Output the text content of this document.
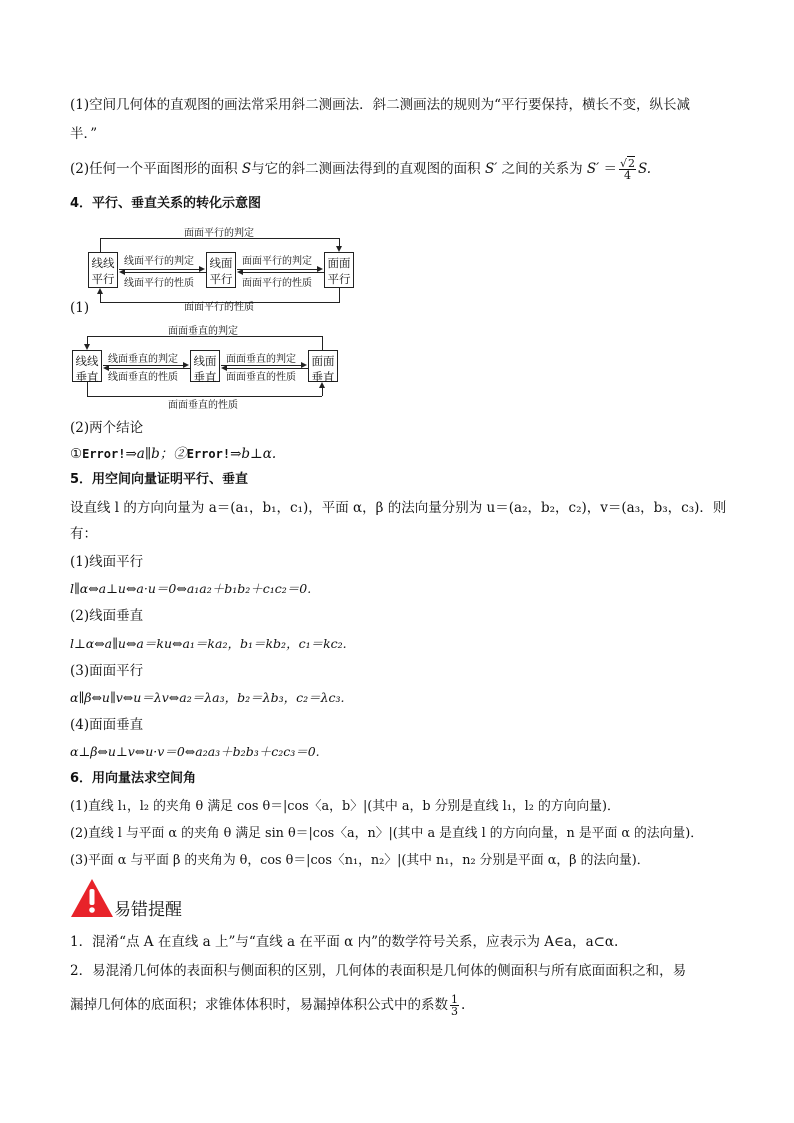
(1)空间几何体的直观图的画法常采用斜二测画法．斜二测画法的规则为“平行要保持，横长不变，纵长减
半．”
(2)任何一个平面图形的面积 S与它的斜二测画法得到的直观图的面积 S′ 之间的关系为 $S' = \frac{√2}{4} S$.
4．平行、垂直关系的转化示意图
面面平行的判定
线线
平行
线面
平行
面面
平行
线面平行的判定
线面平行的性质
面面平行的判定
面面平行的性质
面面平行的性质
(1)
面面垂直的判定
线线
垂直
线面
垂直
面面
垂直
线面垂直的判定
线面垂直的性质
面面垂直的判定
面面垂直的性质
面面垂直的性质
(2)两个结论
①Error!⇒a∥b；②Error!⇒b⊥α.
5．用空间向量证明平行、垂直
设直线 l 的方向向量为 a＝(a₁，b₁，c₁)，平面 α，β 的法向量分别为 u＝(a₂，b₂，c₂)，v＝(a₃，b₃，c₃)．则
有：
(1)线面平行
l∥α⇔a⊥u⇔a·u＝0⇔a₁a₂＋b₁b₂＋c₁c₂＝0.
(2)线面垂直
l⊥α⇔a∥u⇔a＝ku⇔a₁＝ka₂，b₁＝kb₂，c₁＝kc₂.
(3)面面平行
α∥β⇔u∥v⇔u＝λv⇔a₂＝λa₃，b₂＝λb₃，c₂＝λc₃.
(4)面面垂直
α⊥β⇔u⊥v⇔u·v＝0⇔a₂a₃＋b₂b₃＋c₂c₃＝0.
6．用向量法求空间角
(1)直线 l₁，l₂ 的夹角 θ 满足 cos θ＝|cos〈a，b〉|(其中 a，b 分别是直线 l₁，l₂ 的方向向量)．
(2)直线 l 与平面 α 的夹角 θ 满足 sin θ＝|cos〈a，n〉|(其中 a 是直线 l 的方向向量，n 是平面 α 的法向量)．
(3)平面 α 与平面 β 的夹角为 θ，cos θ＝|cos〈n₁，n₂〉|(其中 n₁，n₂ 分别是平面 α，β 的法向量)．
易错提醒
1．混淆“点 A 在直线 a 上”与“直线 a 在平面 α 内”的数学符号关系，应表示为 A∈a，a⊂α.
2．易混淆几何体的表面积与侧面积的区别，几何体的表面积是几何体的侧面积与所有底面面积之和，易
漏掉几何体的底面积；求锥体体积时，易漏掉体积公式中的系数 $\frac{1}{3}$ .
